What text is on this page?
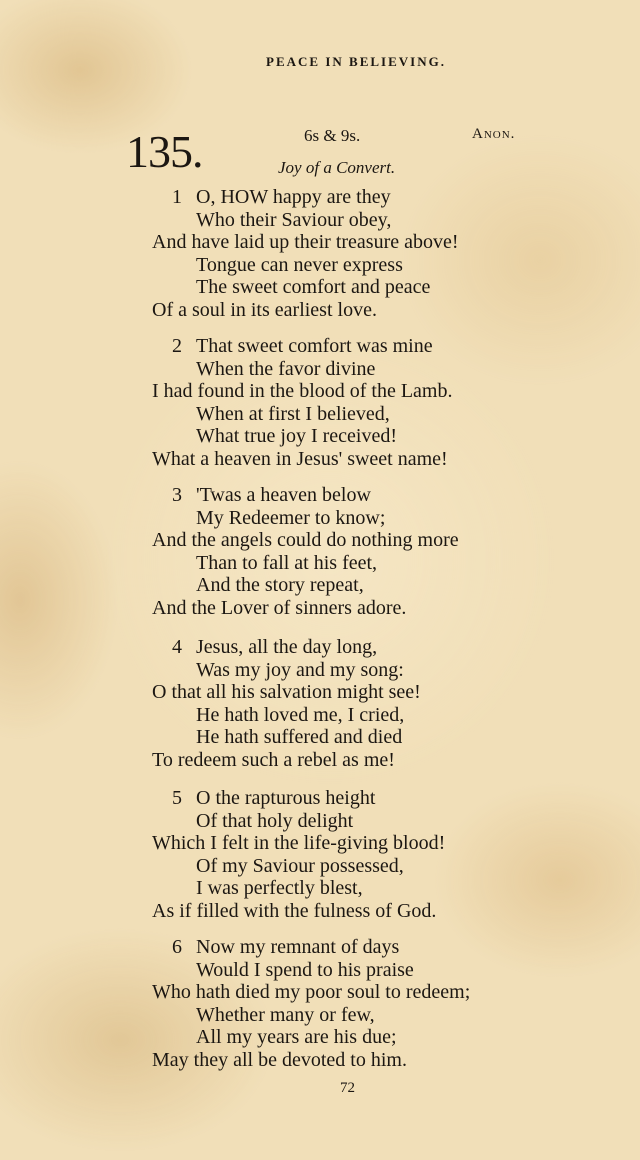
PEACE IN BELIEVING.
135.	6s & 9s.	Anon.
Joy of a Convert.
1 O, HOW happy are they
Who their Saviour obey,
And have laid up their treasure above!
Tongue can never express
The sweet comfort and peace
Of a soul in its earliest love.
2 That sweet comfort was mine
When the favor divine
I had found in the blood of the Lamb.
When at first I believed,
What true joy I received!
What a heaven in Jesus' sweet name!
3 'Twas a heaven below
My Redeemer to know;
And the angels could do nothing more
Than to fall at his feet,
And the story repeat,
And the Lover of sinners adore.
4 Jesus, all the day long,
Was my joy and my song:
O that all his salvation might see!
He hath loved me, I cried,
He hath suffered and died
To redeem such a rebel as me!
5 O the rapturous height
Of that holy delight
Which I felt in the life-giving blood!
Of my Saviour possessed,
I was perfectly blest,
As if filled with the fulness of God.
6 Now my remnant of days
Would I spend to his praise
Who hath died my poor soul to redeem;
Whether many or few,
All my years are his due;
May they all be devoted to him.
72
